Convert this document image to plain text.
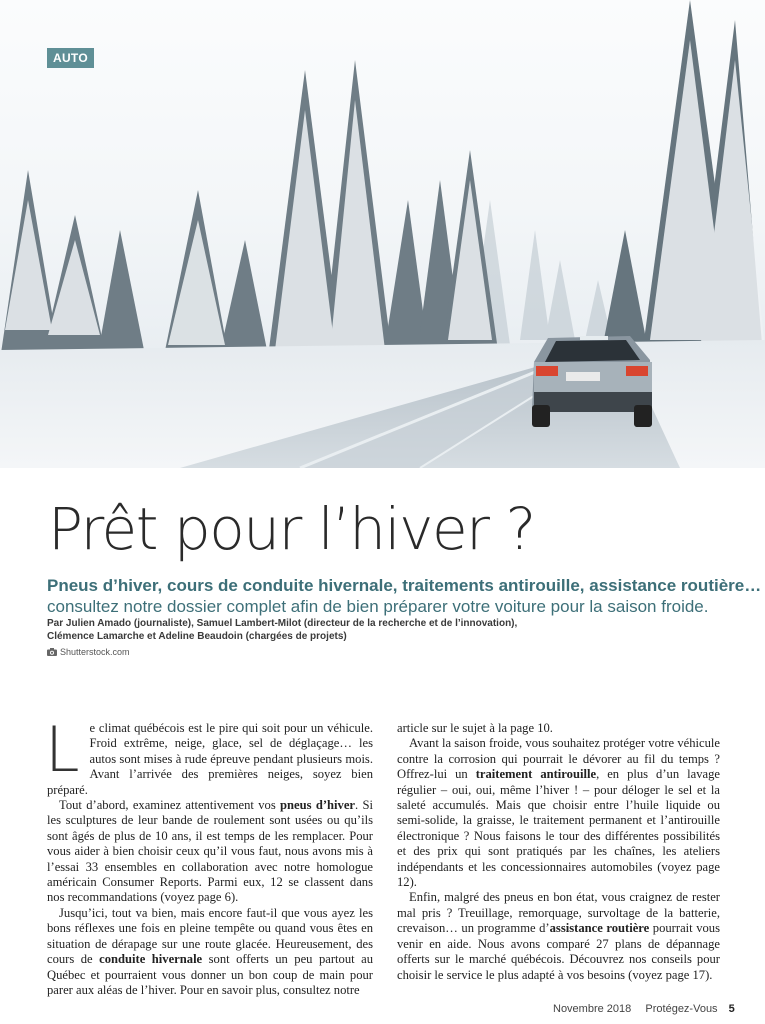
AUTO
Prêt pour l’hiver ?
Pneus d’hiver, cours de conduite hivernale, traitements antirouille, assistance routière…
consultez notre dossier complet afin de bien préparer votre voiture pour la saison froide.
Par Julien Amado (journaliste), Samuel Lambert-Milot (directeur de la recherche et de l’innovation),
Clémence Lamarche et Adeline Beaudoin (chargées de projets)
Shutterstock.com

Le climat québécois est le pire qui soit pour un véhicule. Froid extrême, neige, glace, sel de déglaçage… les autos sont mises à rude épreuve pendant plusieurs mois. Avant l’arrivée des premières neiges, soyez bien préparé.

Tout d’abord, examinez attentivement vos pneus d’hiver. Si les sculptures de leur bande de roulement sont usées ou qu’ils sont âgés de plus de 10 ans, il est temps de les remplacer. Pour vous aider à bien choisir ceux qu’il vous faut, nous avons mis à l’essai 33 ensembles en collaboration avec notre homologue américain Consumer Reports. Parmi eux, 12 se classent dans nos recommandations (voyez page 6).

Jusqu’ici, tout va bien, mais encore faut-il que vous ayez les bons réflexes une fois en pleine tempête ou quand vous êtes en situation de dérapage sur une route glacée. Heureusement, des cours de conduite hivernale sont offerts un peu partout au Québec et pourraient vous donner un bon coup de main pour parer aux aléas de l’hiver. Pour en savoir plus, consultez notre

article sur le sujet à la page 10.

Avant la saison froide, vous souhaitez protéger votre véhicule contre la corrosion qui pourrait le dévorer au fil du temps ? Offrez-lui un traitement antirouille, en plus d’un lavage régulier – oui, oui, même l’hiver ! – pour déloger le sel et la saleté accumulés. Mais que choisir entre l’huile liquide ou semi-solide, la graisse, le traitement permanent et l’antirouille électronique ? Nous faisons le tour des différentes possibilités et des prix qui sont pratiqués par les chaînes, les ateliers indépendants et les concessionnaires automobiles (voyez page 12).

Enfin, malgré des pneus en bon état, vous craignez de rester mal pris ? Treuillage, remorquage, survoltage de la batterie, crevaison… un programme d’assistance routière pourrait vous venir en aide. Nous avons comparé 27 plans de dépannage offerts sur le marché québécois. Découvrez nos conseils pour choisir le service le plus adapté à vos besoins (voyez page 17).

Novembre 2018 Protégez-Vous 5
